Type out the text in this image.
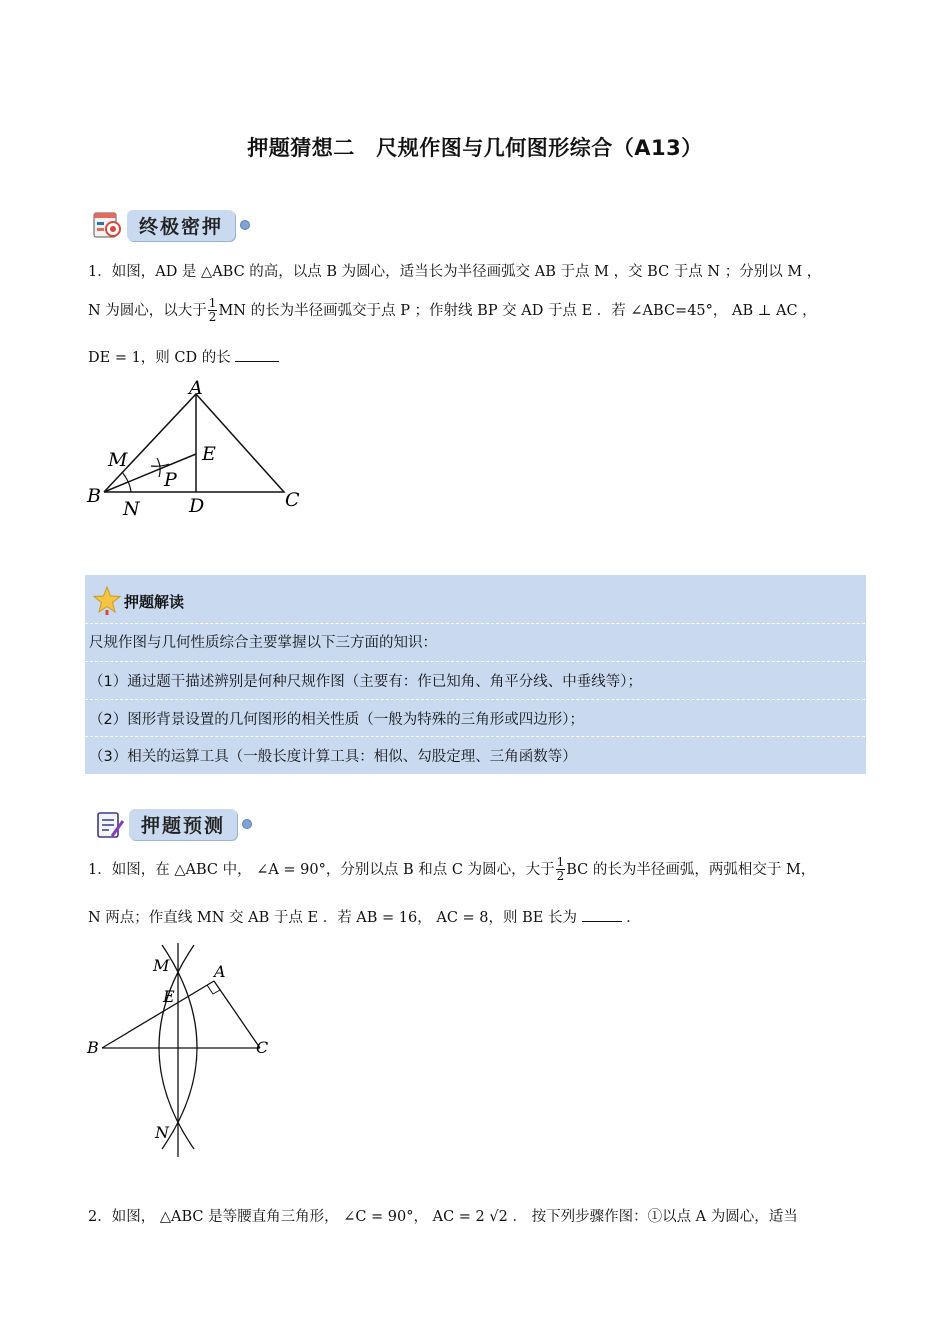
押题猜想二　尺规作图与几何图形综合（A13）
终极密押
1．如图，AD 是 △ABC 的高，以点 B 为圆心，适当长为半径画弧交 AB 于点 M ，交 BC 于点 N ；分别以 M ，
N 为圆心，以大于 $\frac{1}{2}$ MN 的长为半径画弧交于点 P ；作射线 BP 交 AD 于点 E ．若 ∠ABC=45°， AB ⊥ AC ，
DE = 1，则 CD 的长
A
B	C
D
E
M
N
P
押题解读
尺规作图与几何性质综合主要掌握以下三方面的知识：
（1）通过题干描述辨别是何种尺规作图（主要有：作已知角、角平分线、中垂线等）；
（2）图形背景设置的几何图形的相关性质（一般为特殊的三角形或四边形）；
（3）相关的运算工具（一般长度计算工具：相似、勾股定理、三角函数等）
押题预测
1．如图，在 △ABC 中， ∠A = 90°，分别以点 B 和点 C 为圆心，大于 $\frac{1}{2}$ BC 的长为半径画弧，两弧相交于 M，
N 两点；作直线 MN 交 AB 于点 E ．若 AB = 16， AC = 8，则 BE 长为	．
M	A
E
B	C
N
2．如图， △ABC 是等腰直角三角形， ∠C = 90°， AC = 2 √2 ． 按下列步骤作图：①以点 A 为圆心，适当
